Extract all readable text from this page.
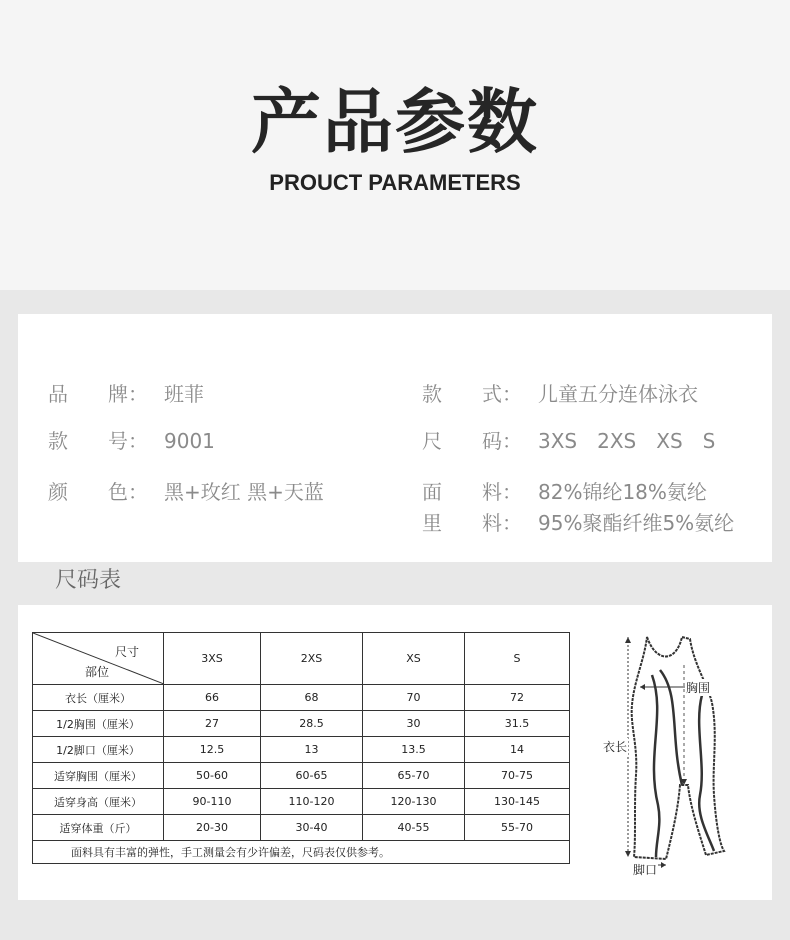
产品参数
PROUCT PARAMETERS
品　　牌： 班菲	款　　式： 儿童五分连体泳衣
款　　号： 9001	尺　　码： 3XS　2XS　XS　S
颜　　色： 黑+玫红 黑+天蓝	面　　料： 82%锦纶18%氨纶
里　　料： 95%聚酯纤维5%氨纶
尺码表
尺寸
部位	3XS	2XS	XS	S
衣长（厘米）	66	68	70	72
1/2胸围（厘米）	27	28.5	30	31.5
1/2脚口（厘米）	12.5	13	13.5	14
适穿胸围（厘米）	50-60	60-65	65-70	70-75
适穿身高（厘米）	90-110	110-120	120-130	130-145
适穿体重（斤）	20-30	30-40	40-55	55-70
面料具有丰富的弹性，手工测量会有少许偏差，尺码表仅供参考。				
胸围
衣长
脚口
